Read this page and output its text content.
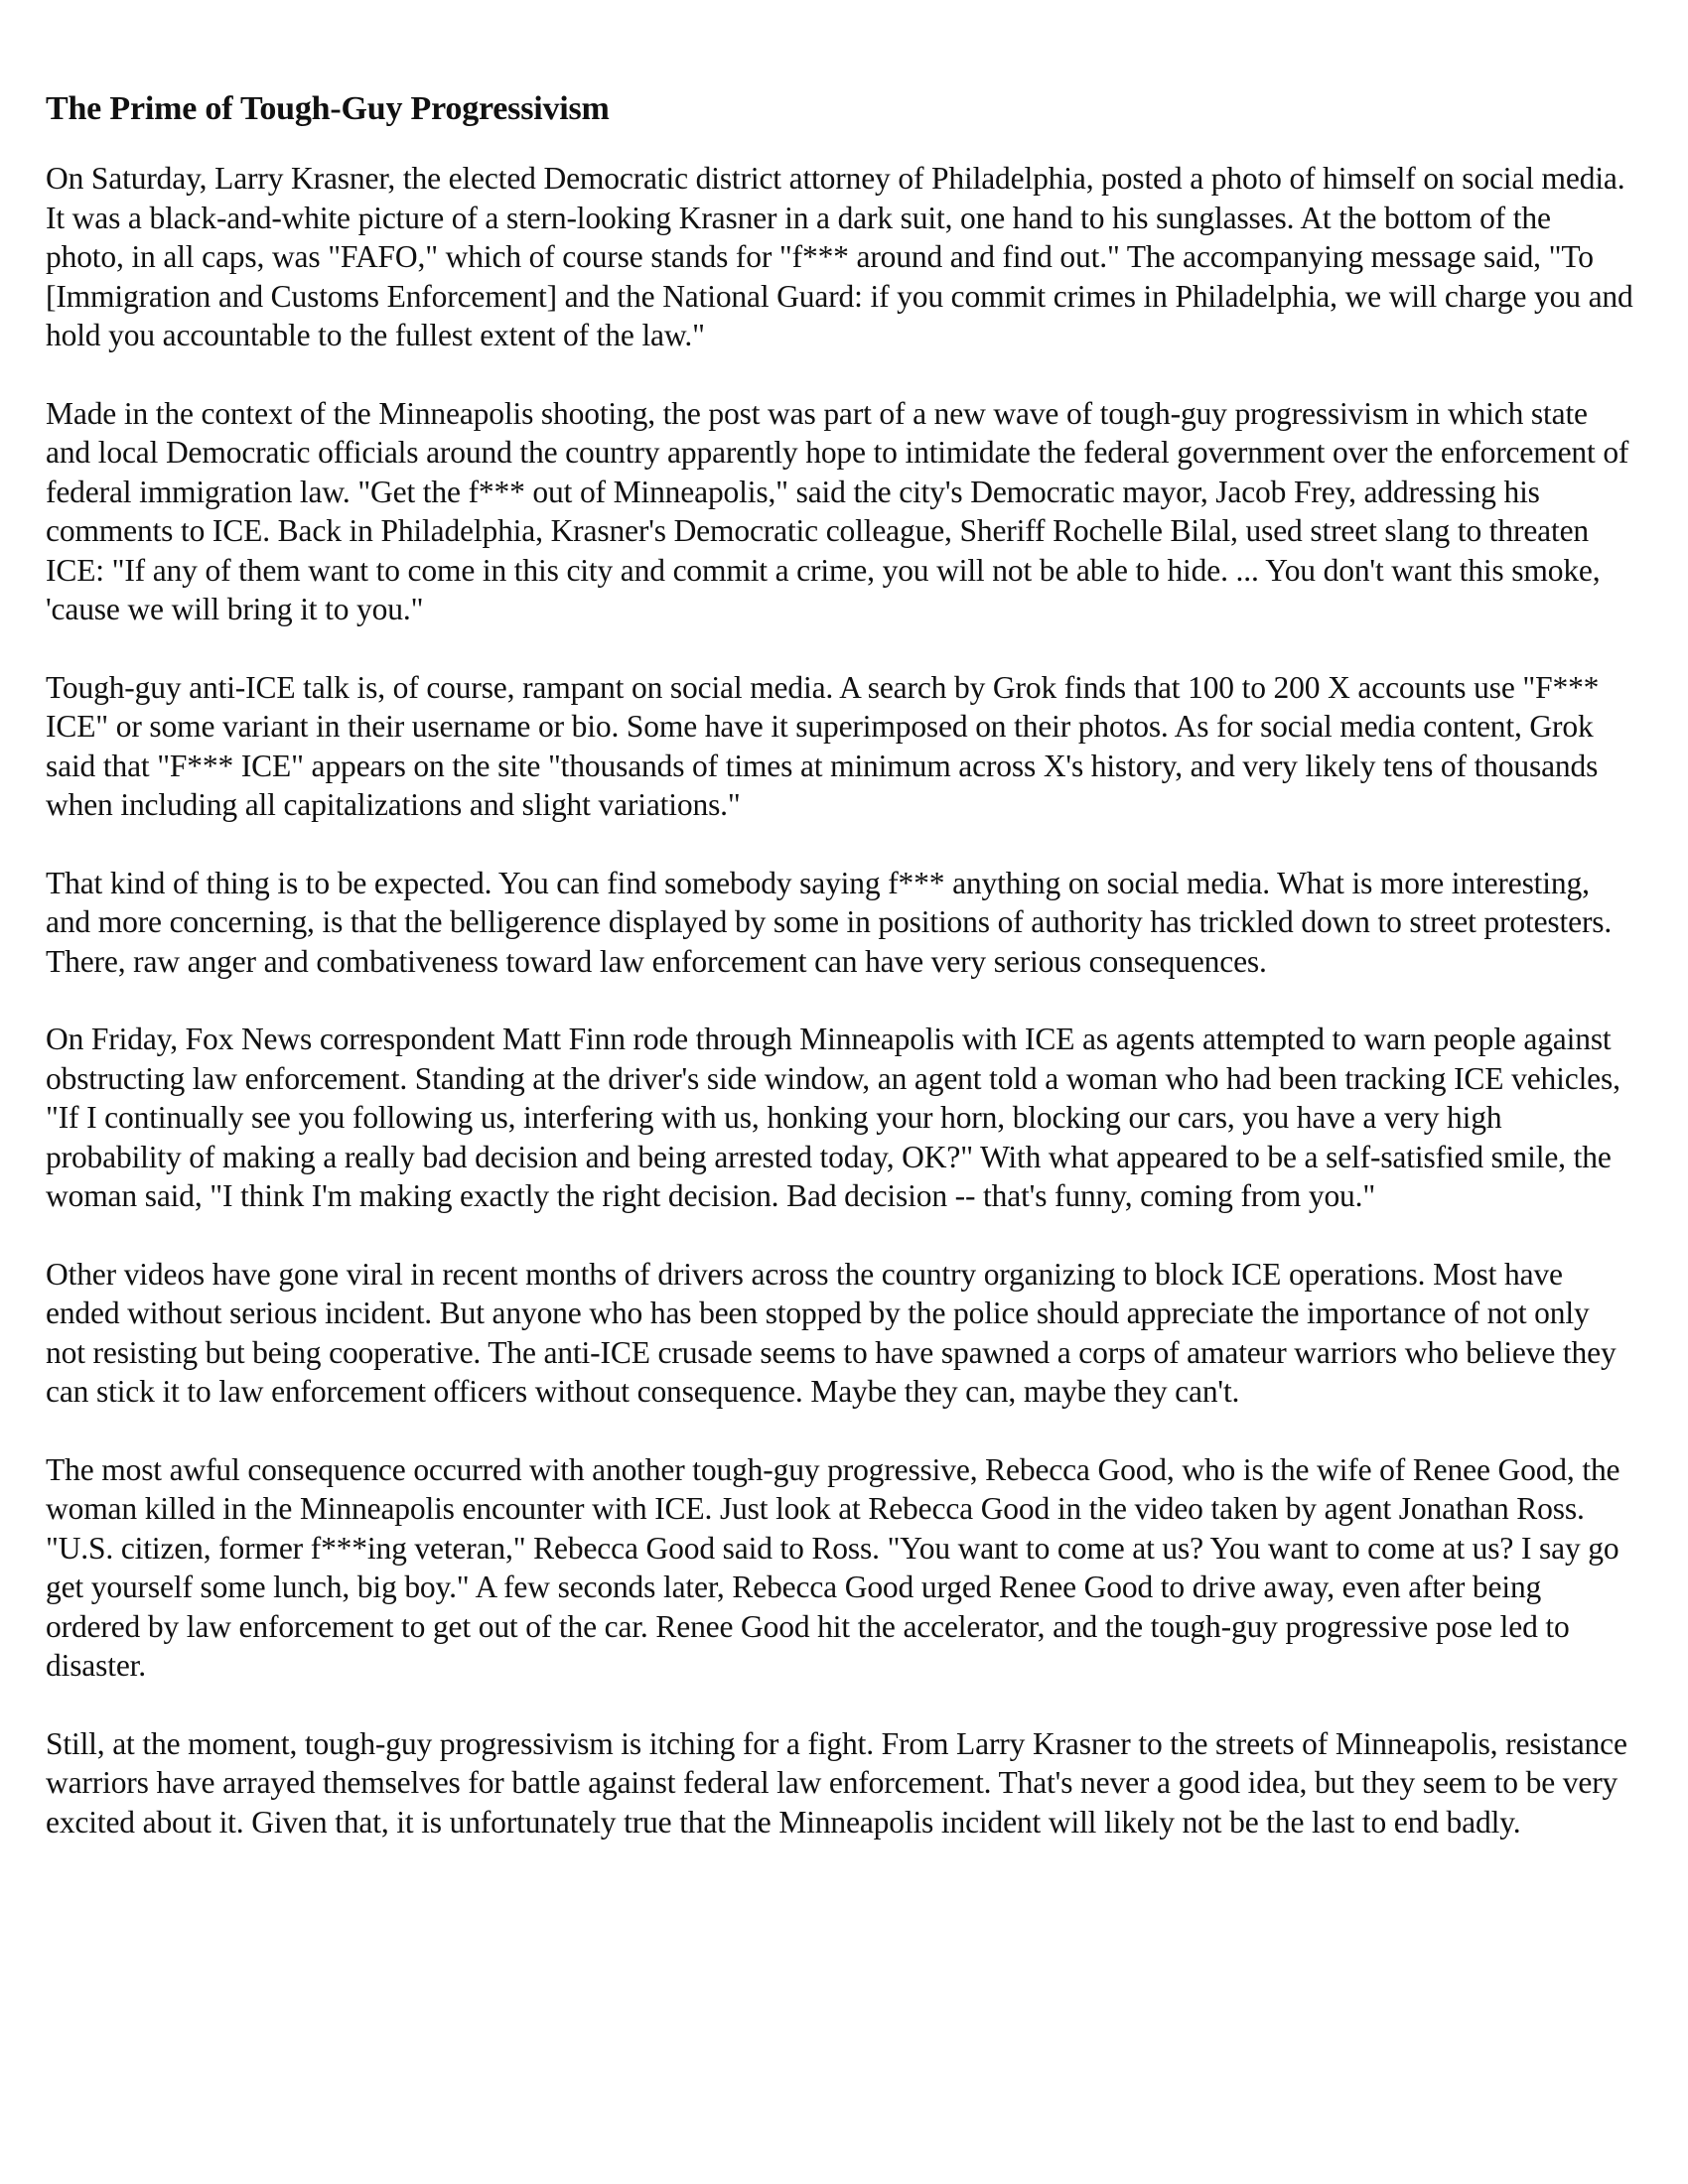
The Prime of Tough-Guy Progressivism

On Saturday, Larry Krasner, the elected Democratic district attorney of Philadelphia, posted a photo of himself on social media. It was a black-and-white picture of a stern-looking Krasner in a dark suit, one hand to his sunglasses. At the bottom of the photo, in all caps, was "FAFO," which of course stands for "f*** around and find out." The accompanying message said, "To [Immigration and Customs Enforcement] and the National Guard: if you commit crimes in Philadelphia, we will charge you and hold you accountable to the fullest extent of the law."

Made in the context of the Minneapolis shooting, the post was part of a new wave of tough-guy progressivism in which state and local Democratic officials around the country apparently hope to intimidate the federal government over the enforcement of federal immigration law. "Get the f*** out of Minneapolis," said the city's Democratic mayor, Jacob Frey, addressing his comments to ICE. Back in Philadelphia, Krasner's Democratic colleague, Sheriff Rochelle Bilal, used street slang to threaten ICE: "If any of them want to come in this city and commit a crime, you will not be able to hide. ... You don't want this smoke, 'cause we will bring it to you."

Tough-guy anti-ICE talk is, of course, rampant on social media. A search by Grok finds that 100 to 200 X accounts use "F*** ICE" or some variant in their username or bio. Some have it superimposed on their photos. As for social media content, Grok said that "F*** ICE" appears on the site "thousands of times at minimum across X's history, and very likely tens of thousands when including all capitalizations and slight variations."

That kind of thing is to be expected. You can find somebody saying f*** anything on social media. What is more interesting, and more concerning, is that the belligerence displayed by some in positions of authority has trickled down to street protesters. There, raw anger and combativeness toward law enforcement can have very serious consequences.

On Friday, Fox News correspondent Matt Finn rode through Minneapolis with ICE as agents attempted to warn people against obstructing law enforcement. Standing at the driver's side window, an agent told a woman who had been tracking ICE vehicles, "If I continually see you following us, interfering with us, honking your horn, blocking our cars, you have a very high probability of making a really bad decision and being arrested today, OK?" With what appeared to be a self-satisfied smile, the woman said, "I think I'm making exactly the right decision. Bad decision -- that's funny, coming from you."

Other videos have gone viral in recent months of drivers across the country organizing to block ICE operations. Most have ended without serious incident. But anyone who has been stopped by the police should appreciate the importance of not only not resisting but being cooperative. The anti-ICE crusade seems to have spawned a corps of amateur warriors who believe they can stick it to law enforcement officers without consequence. Maybe they can, maybe they can't.

The most awful consequence occurred with another tough-guy progressive, Rebecca Good, who is the wife of Renee Good, the woman killed in the Minneapolis encounter with ICE. Just look at Rebecca Good in the video taken by agent Jonathan Ross. "U.S. citizen, former f***ing veteran," Rebecca Good said to Ross. "You want to come at us? You want to come at us? I say go get yourself some lunch, big boy." A few seconds later, Rebecca Good urged Renee Good to drive away, even after being ordered by law enforcement to get out of the car. Renee Good hit the accelerator, and the tough-guy progressive pose led to disaster.

Still, at the moment, tough-guy progressivism is itching for a fight. From Larry Krasner to the streets of Minneapolis, resistance warriors have arrayed themselves for battle against federal law enforcement. That's never a good idea, but they seem to be very excited about it. Given that, it is unfortunately true that the Minneapolis incident will likely not be the last to end badly.
